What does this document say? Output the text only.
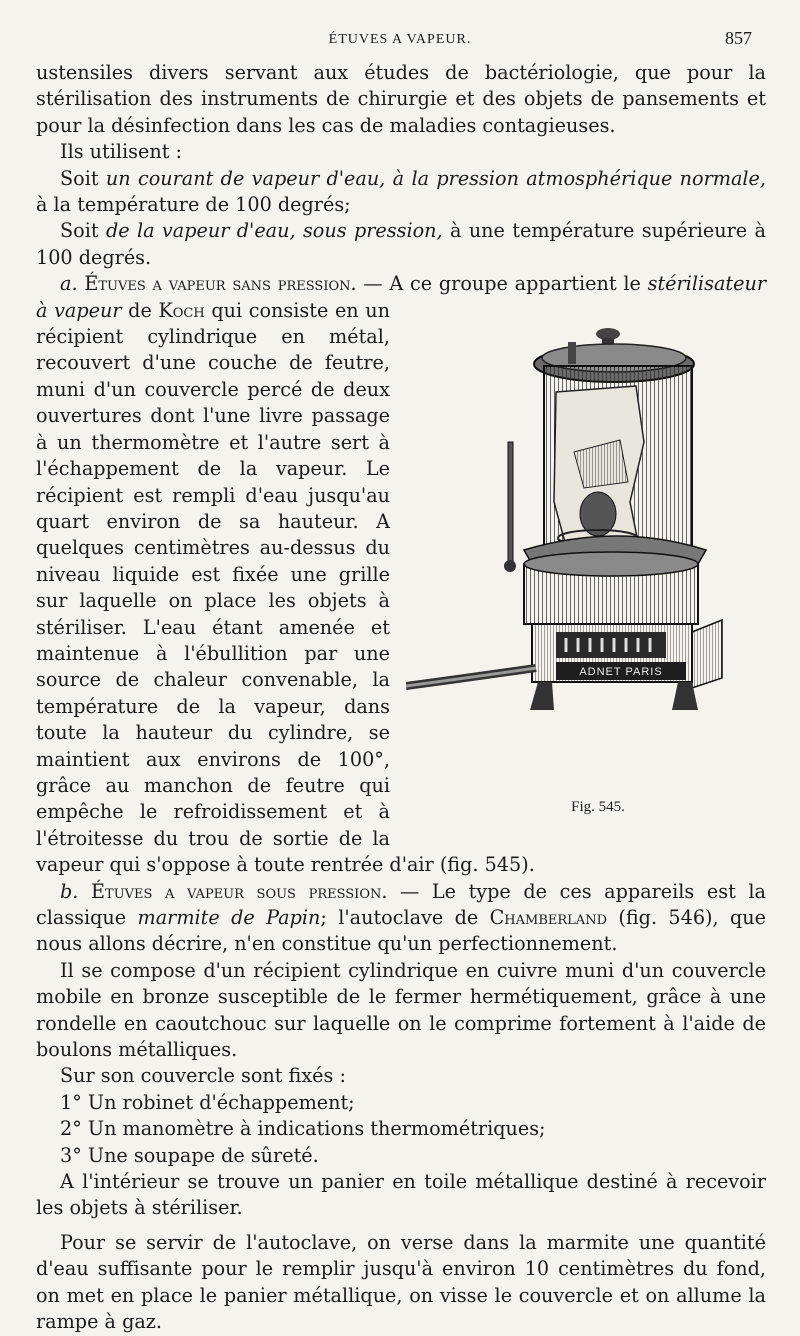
ÉTUVES A VAPEUR.	857

ustensiles divers servant aux études de bactériologie, que pour la stérilisation des instruments de chirurgie et des objets de pansements et pour la désinfection dans les cas de maladies contagieuses.

Ils utilisent :

Soit un courant de vapeur d'eau, à la pression atmosphérique normale, à la température de 100 degrés;

Soit de la vapeur d'eau, sous pression, à une température supérieure à 100 degrés.

a. Étuves a vapeur sans pression. — A ce groupe appartient le stérilisateur à vapeur de Koch
ADNET PARIS
Fig. 545.
qui consiste en un récipient cylindrique en métal, recouvert d'une couche de feutre, muni d'un couvercle percé de deux ouvertures dont l'une livre passage à un thermomètre et l'autre sert à l'échappement de la vapeur. Le récipient est rempli d'eau jusqu'au quart environ de sa hauteur. A quelques centimètres au-dessus du niveau liquide est fixée une grille sur laquelle on place les objets à stériliser. L'eau étant amenée et maintenue à l'ébullition par une source de chaleur convenable, la température de la vapeur, dans toute la hauteur du cylindre, se maintient aux environs de 100°, grâce au manchon de feutre qui empêche le refroidissement et à l'étroitesse du trou de sortie de la vapeur qui s'oppose à toute rentrée d'air (fig. 545).

b. Étuves a vapeur sous pression. — Le type de ces appareils est la classique marmite de Papin; l'autoclave de Chamberland (fig. 546), que nous allons décrire, n'en constitue qu'un perfectionnement.

Il se compose d'un récipient cylindrique en cuivre muni d'un couvercle mobile en bronze susceptible de le fermer hermétiquement, grâce à une rondelle en caoutchouc sur laquelle on le comprime fortement à l'aide de boulons métalliques.

Sur son couvercle sont fixés :

1° Un robinet d'échappement;

2° Un manomètre à indications thermométriques;

3° Une soupape de sûreté.

A l'intérieur se trouve un panier en toile métallique destiné à recevoir les objets à stériliser.

Pour se servir de l'autoclave, on verse dans la marmite une quantité d'eau suffisante pour le remplir jusqu'à environ 10 centimètres du fond, on met en place le panier métallique, on visse le couvercle et on allume la rampe à gaz.
